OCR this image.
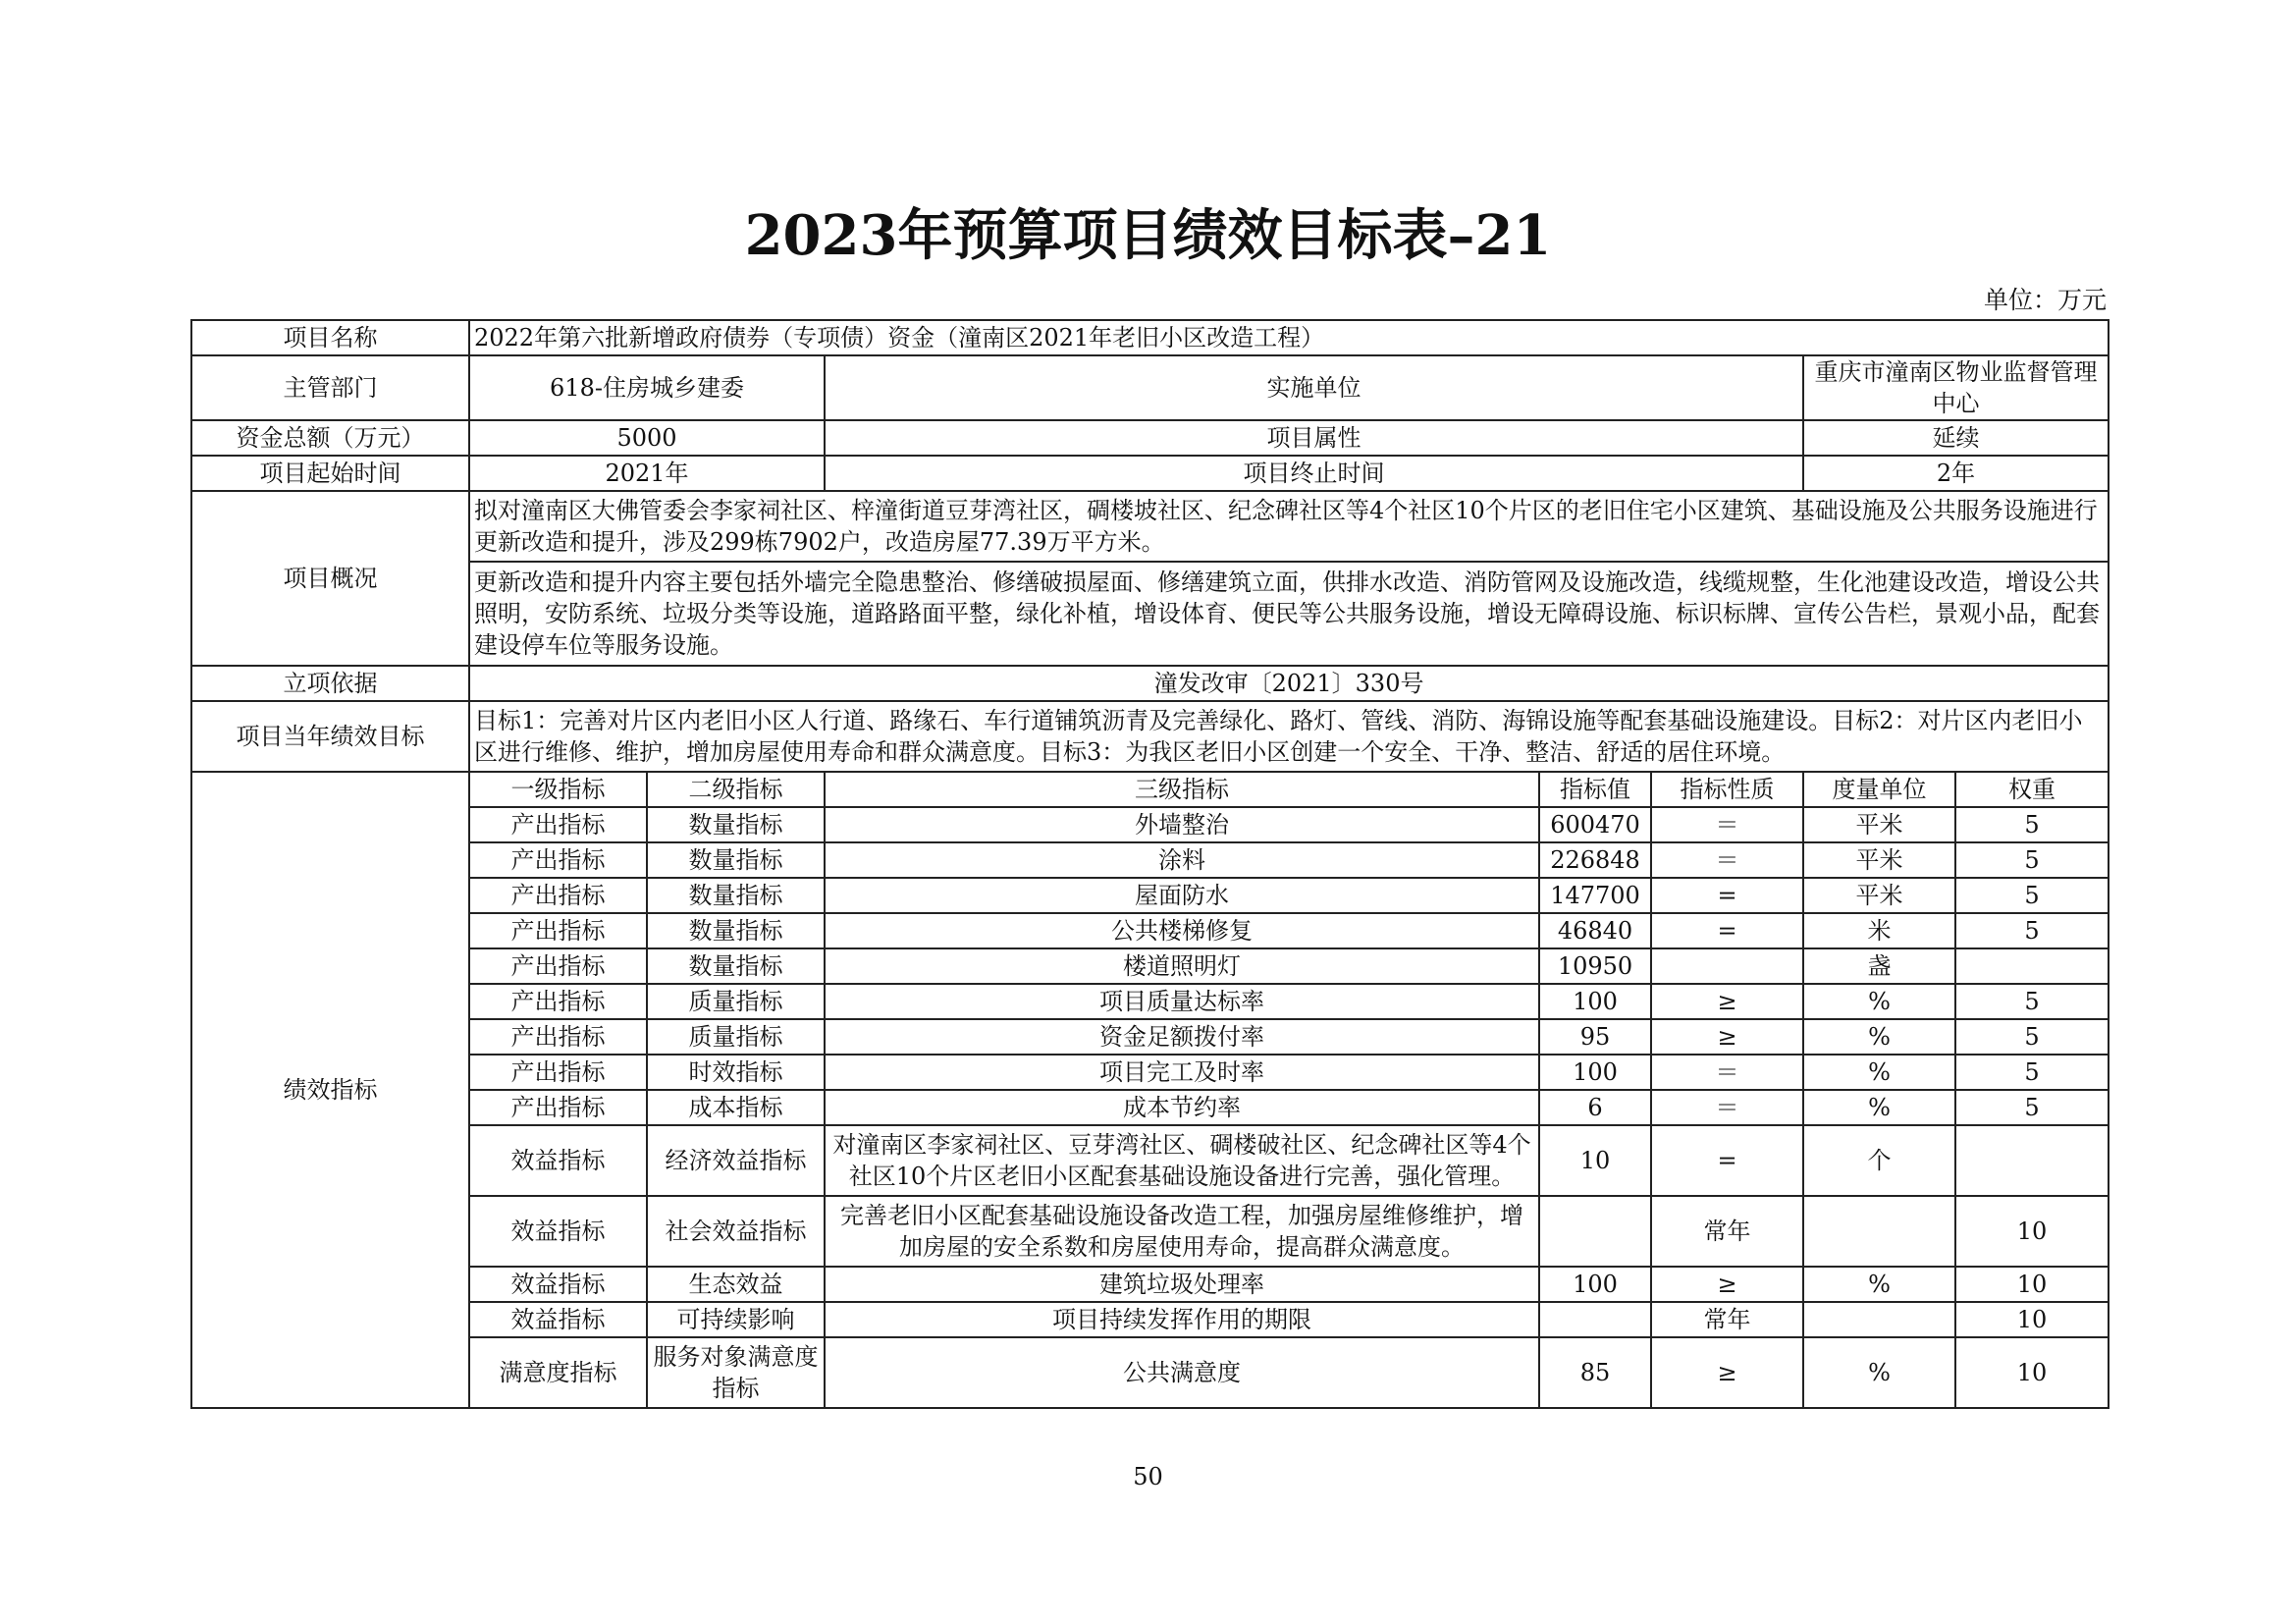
2023年预算项目绩效目标表–21
单位：万元
项目名称	2022年第六批新增政府债券（专项债）资金（潼南区2021年老旧小区改造工程）						
主管部门	618-住房城乡建委		实施单位			重庆市潼南区物业监督管理中心	
资金总额（万元）	5000		项目属性			延续	
项目起始时间	2021年		项目终止时间			2年	
项目概况	拟对潼南区大佛管委会李家祠社区、梓潼街道豆芽湾社区，碉楼坡社区、纪念碑社区等4个社区10个片区的老旧住宅小区建筑、基础设施及公共服务设施进行更新改造和提升，涉及299栋7902户，改造房屋77.39万平方米。						
	更新改造和提升内容主要包括外墙完全隐患整治、修缮破损屋面、修缮建筑立面，供排水改造、消防管网及设施改造，线缆规整，生化池建设改造，增设公共照明，安防系统、垃圾分类等设施，道路路面平整，绿化补植，增设体育、便民等公共服务设施，增设无障碍设施、标识标牌、宣传公告栏，景观小品，配套建设停车位等服务设施。						
立项依据	潼发改审〔2021〕330号						
项目当年绩效目标	目标1：完善对片区内老旧小区人行道、路缘石、车行道铺筑沥青及完善绿化、路灯、管线、消防、海锦设施等配套基础设施建设。目标2：对片区内老旧小区进行维修、维护，增加房屋使用寿命和群众满意度。目标3：为我区老旧小区创建一个安全、干净、整洁、舒适的居住环境。						
绩效指标	一级指标	二级指标	三级指标	指标值	指标性质	度量单位	权重
	产出指标	数量指标	外墙整治	600470	＝	平米	5
	产出指标	数量指标	涂料	226848	＝	平米	5
	产出指标	数量指标	屋面防水	147700	=	平米	5
	产出指标	数量指标	公共楼梯修复	46840	=	米	5
	产出指标	数量指标	楼道照明灯	10950		盏	
	产出指标	质量指标	项目质量达标率	100	≥	%	5
	产出指标	质量指标	资金足额拨付率	95	≥	%	5
	产出指标	时效指标	项目完工及时率	100	＝	%	5
	产出指标	成本指标	成本节约率	6	＝	%	5
	效益指标	经济效益指标	对潼南区李家祠社区、豆芽湾社区、碉楼破社区、纪念碑社区等4个社区10个片区老旧小区配套基础设施设备进行完善，强化管理。	10	=	个	
	效益指标	社会效益指标	完善老旧小区配套基础设施设备改造工程，加强房屋维修维护，增加房屋的安全系数和房屋使用寿命，提高群众满意度。		常年		10
	效益指标	生态效益	建筑垃圾处理率	100	≥	%	10
	效益指标	可持续影响	项目持续发挥作用的期限		常年		10
	满意度指标	服务对象满意度指标	公共满意度	85	≥	%	10
50
